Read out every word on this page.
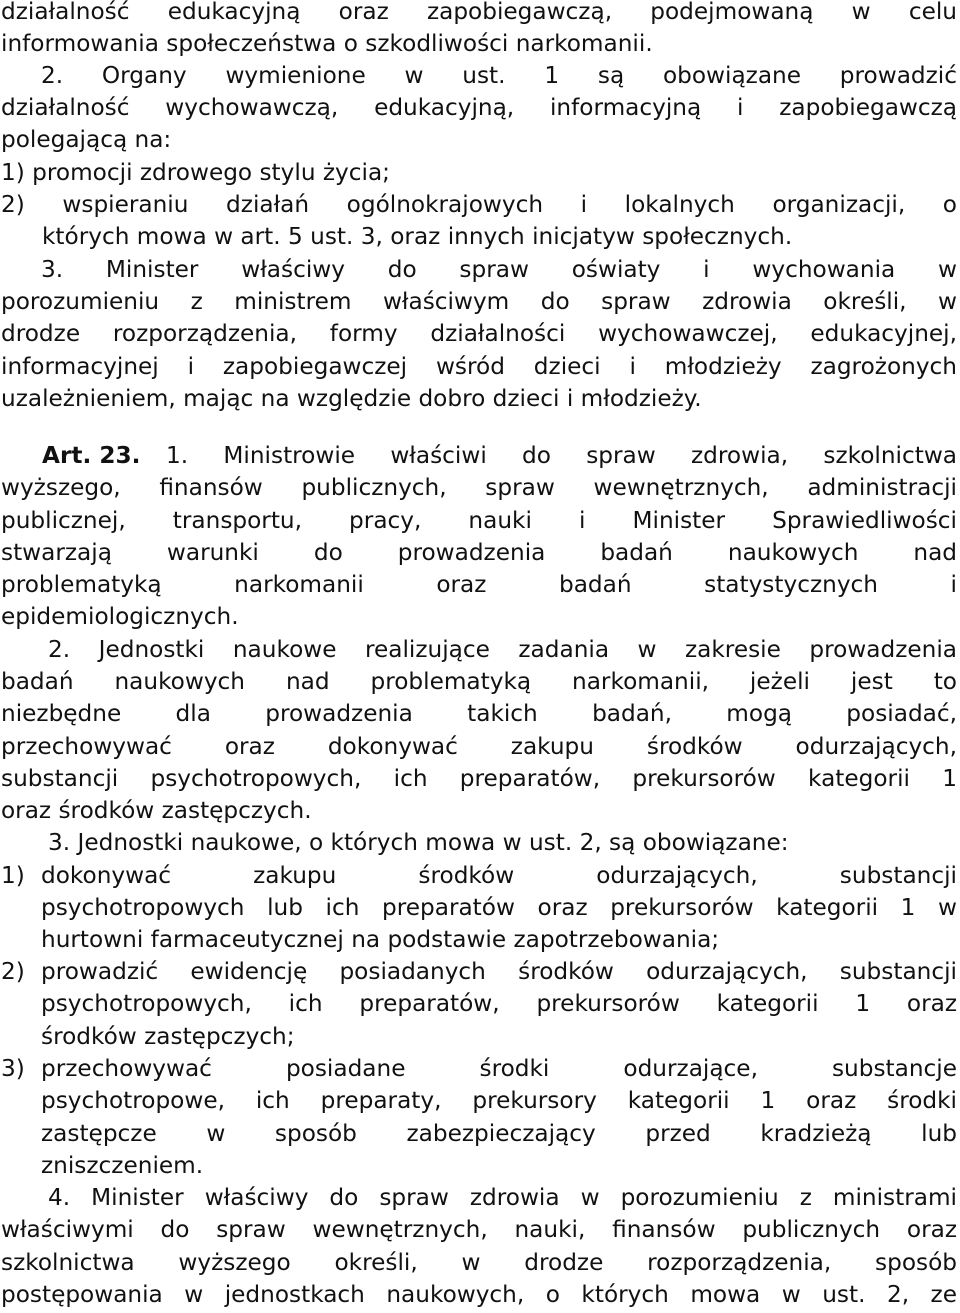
działalność edukacyjną oraz zapobiegawczą, podejmowaną w celu
informowania społeczeństwa o szkodliwości narkomanii.
2. Organy wymienione w ust. 1 są obowiązane prowadzić
działalność wychowawczą, edukacyjną, informacyjną i zapobiegawczą
polegającą na:
1) promocji zdrowego stylu życia;
2) wspieraniu działań ogólnokrajowych i lokalnych organizacji, o
których mowa w art. 5 ust. 3, oraz innych inicjatyw społecznych.
3. Minister właściwy do spraw oświaty i wychowania w
porozumieniu z ministrem właściwym do spraw zdrowia określi, w
drodze rozporządzenia, formy działalności wychowawczej, edukacyjnej,
informacyjnej i zapobiegawczej wśród dzieci i młodzieży zagrożonych
uzależnieniem, mając na względzie dobro dzieci i młodzieży.
Art. 23. 1. Ministrowie właściwi do spraw zdrowia, szkolnictwa
wyższego, finansów publicznych, spraw wewnętrznych, administracji
publicznej, transportu, pracy, nauki i Minister Sprawiedliwości
stwarzają warunki do prowadzenia badań naukowych nad
problematyką narkomanii oraz badań statystycznych i
epidemiologicznych.
2. Jednostki naukowe realizujące zadania w zakresie prowadzenia
badań naukowych nad problematyką narkomanii, jeżeli jest to
niezbędne dla prowadzenia takich badań, mogą posiadać,
przechowywać oraz dokonywać zakupu środków odurzających,
substancji psychotropowych, ich preparatów, prekursorów kategorii 1
oraz środków zastępczych.
3. Jednostki naukowe, o których mowa w ust. 2, są obowiązane:
1) dokonywać zakupu środków odurzających, substancji
psychotropowych lub ich preparatów oraz prekursorów kategorii 1 w
hurtowni farmaceutycznej na podstawie zapotrzebowania;
2) prowadzić ewidencję posiadanych środków odurzających, substancji
psychotropowych, ich preparatów, prekursorów kategorii 1 oraz
środków zastępczych;
3) przechowywać posiadane środki odurzające, substancje
psychotropowe, ich preparaty, prekursory kategorii 1 oraz środki
zastępcze w sposób zabezpieczający przed kradzieżą lub
zniszczeniem.
4. Minister właściwy do spraw zdrowia w porozumieniu z ministrami
właściwymi do spraw wewnętrznych, nauki, finansów publicznych oraz
szkolnictwa wyższego określi, w drodze rozporządzenia, sposób
postępowania w jednostkach naukowych, o których mowa w ust. 2, ze
